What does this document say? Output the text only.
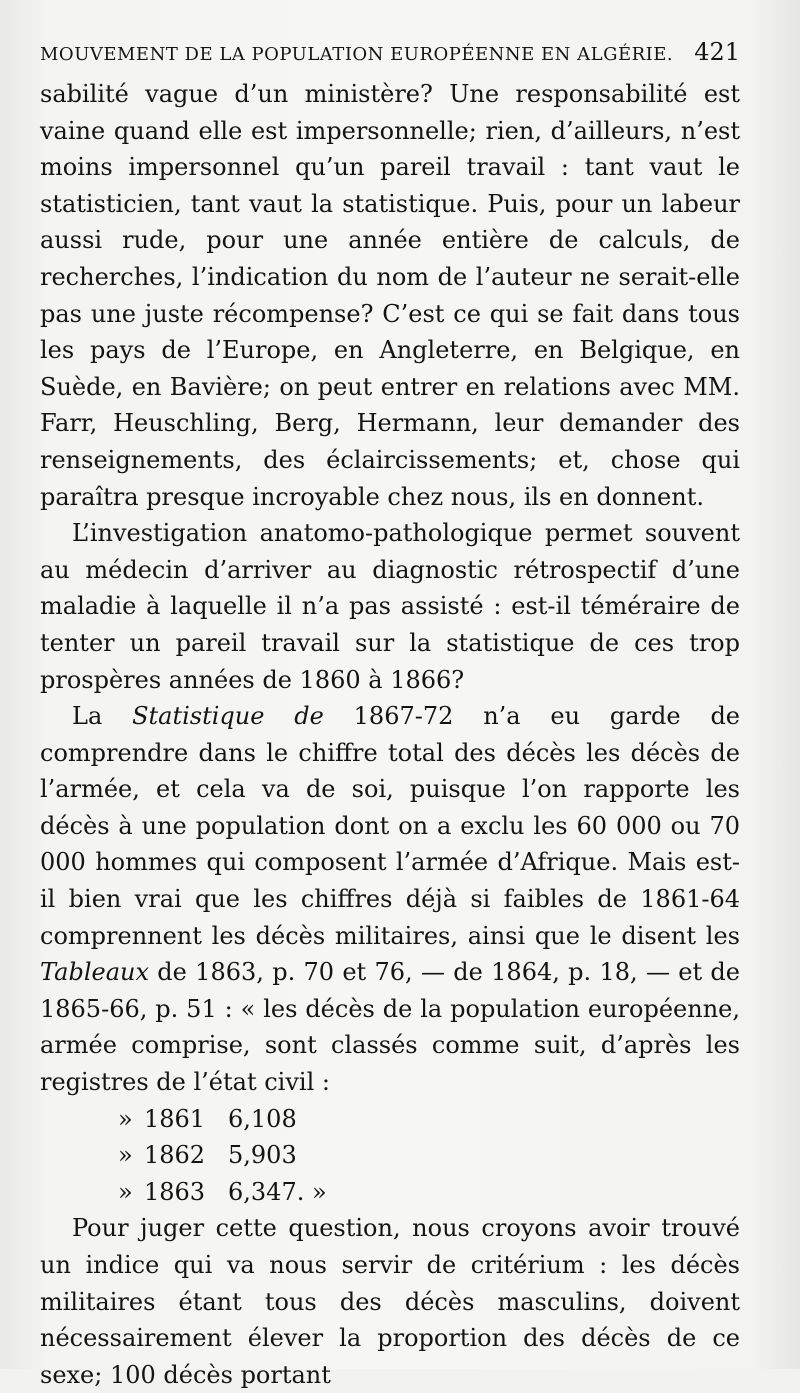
MOUVEMENT DE LA POPULATION EUROPÉENNE EN ALGÉRIE. 421

sabilité vague d’un ministère? Une responsabilité est vaine quand elle est impersonnelle; rien, d’ailleurs, n’est moins impersonnel qu’un pareil travail : tant vaut le statisticien, tant vaut la statistique. Puis, pour un labeur aussi rude, pour une année entière de calculs, de recherches, l’indication du nom de l’auteur ne serait-elle pas une juste récompense? C’est ce qui se fait dans tous les pays de l’Europe, en Angleterre, en Belgique, en Suède, en Bavière; on peut entrer en relations avec MM. Farr, Heuschling, Berg, Hermann, leur demander des renseignements, des éclaircissements; et, chose qui paraîtra presque incroyable chez nous, ils en donnent.

L’investigation anatomo-pathologique permet souvent au médecin d’arriver au diagnostic rétrospectif d’une maladie à laquelle il n’a pas assisté : est-il téméraire de tenter un pareil travail sur la statistique de ces trop prospères années de 1860 à 1866?

La Statistique de 1867-72 n’a eu garde de comprendre dans le chiffre total des décès les décès de l’armée, et cela va de soi, puisque l’on rapporte les décès à une population dont on a exclu les 60 000 ou 70 000 hommes qui composent l’armée d’Afrique. Mais est-il bien vrai que les chiffres déjà si faibles de 1861-64 comprennent les décès militaires, ainsi que le disent les Tableaux de 1863, p. 70 et 76, — de 1864, p. 18, — et de 1865-66, p. 51 : « les décès de la population européenne, armée comprise, sont classés comme suit, d’après les registres de l’état civil :

» 1861 6,108
» 1862 5,903
» 1863 6,347. »

Pour juger cette question, nous croyons avoir trouvé un indice qui va nous servir de critérium : les décès militaires étant tous des décès masculins, doivent nécessairement élever la proportion des décès de ce sexe; 100 décès portant
